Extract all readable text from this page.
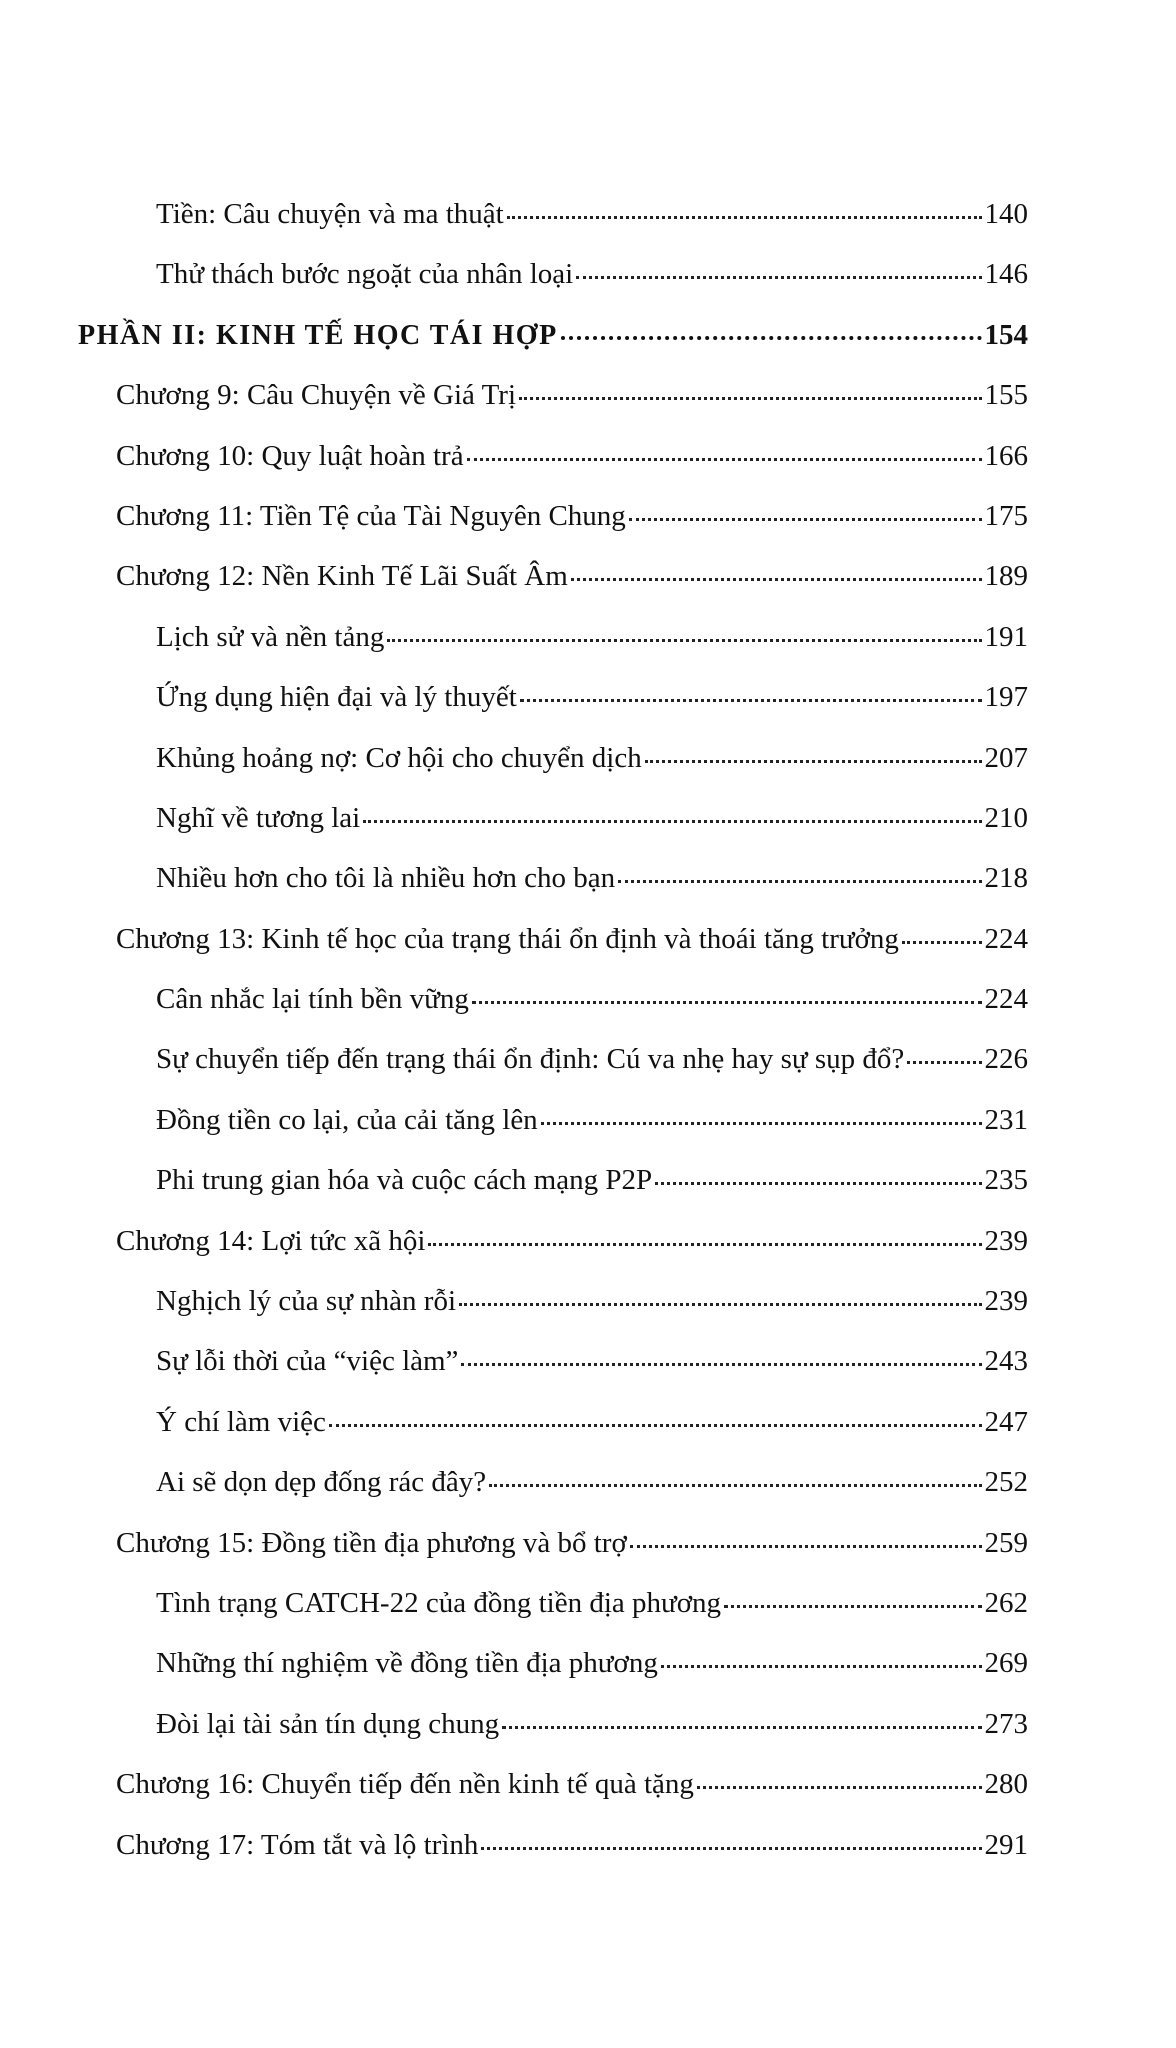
Tiền: Câu chuyện và ma thuật	140
Thử thách bước ngoặt của nhân loại	146
PHẦN II: KINH TẾ HỌC TÁI HỢP	154
Chương 9: Câu Chuyện về Giá Trị	155
Chương 10: Quy luật hoàn trả	166
Chương 11: Tiền Tệ của Tài Nguyên Chung	175
Chương 12: Nền Kinh Tế Lãi Suất Âm	189
Lịch sử và nền tảng	191
Ứng dụng hiện đại và lý thuyết	197
Khủng hoảng nợ: Cơ hội cho chuyển dịch	207
Nghĩ về tương lai	210
Nhiều hơn cho tôi là nhiều hơn cho bạn	218
Chương 13: Kinh tế học của trạng thái ổn định và thoái tăng trưởng	224
Cân nhắc lại tính bền vững	224
Sự chuyển tiếp đến trạng thái ổn định: Cú va nhẹ hay sự sụp đổ?	226
Đồng tiền co lại, của cải tăng lên	231
Phi trung gian hóa và cuộc cách mạng P2P	235
Chương 14: Lợi tức xã hội	239
Nghịch lý của sự nhàn rỗi	239
Sự lỗi thời của “việc làm”	243
Ý chí làm việc	247
Ai sẽ dọn dẹp đống rác đây?	252
Chương 15: Đồng tiền địa phương và bổ trợ	259
Tình trạng CATCH-22 của đồng tiền địa phương	262
Những thí nghiệm về đồng tiền địa phương	269
Đòi lại tài sản tín dụng chung	273
Chương 16: Chuyển tiếp đến nền kinh tế quà tặng	280
Chương 17: Tóm tắt và lộ trình	291
